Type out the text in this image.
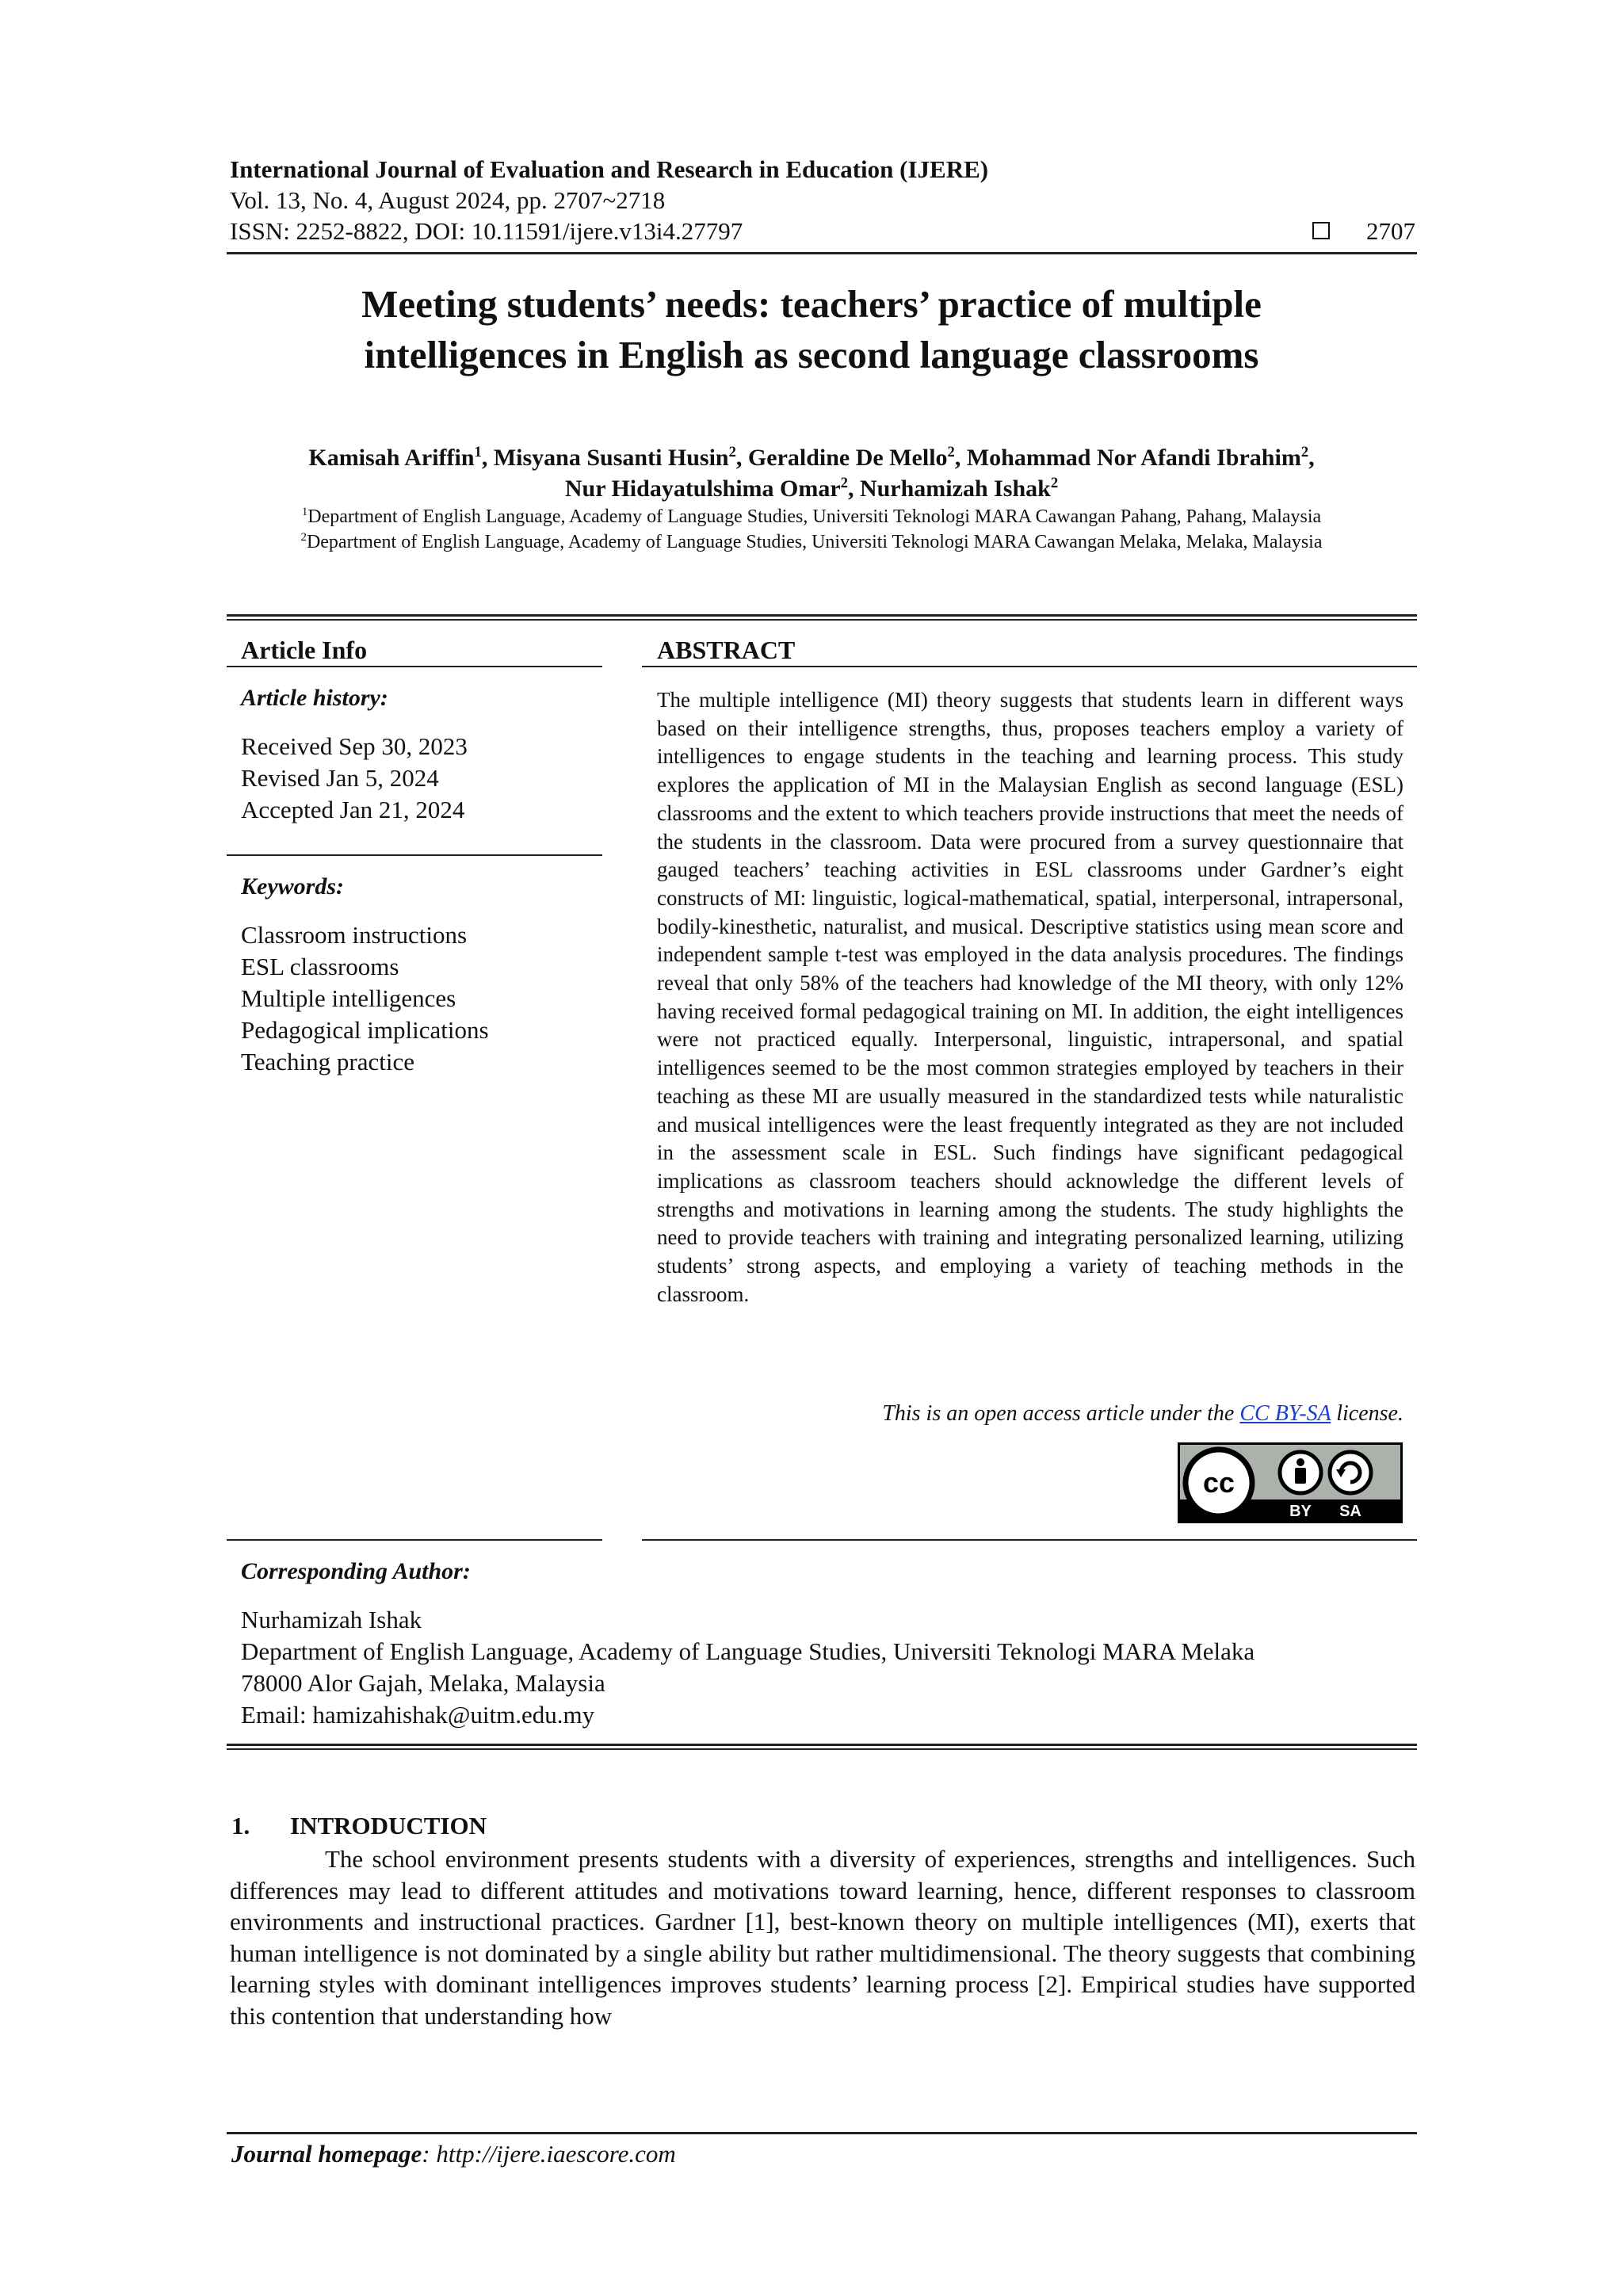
International Journal of Evaluation and Research in Education (IJERE)
Vol. 13, No. 4, August 2024, pp. 2707~2718
ISSN: 2252-8822, DOI: 10.11591/ijere.v13i4.27797	2707
Meeting students’ needs: teachers’ practice of multiple
intelligences in English as second language classrooms
Kamisah Ariffin$^1$, Misyana Susanti Husin$^2$, Geraldine De Mello$^2$, Mohammad Nor Afandi Ibrahim$^2$,
Nur Hidayatulshima Omar$^2$, Nurhamizah Ishak$^2$
$^1$Department of English Language, Academy of Language Studies, Universiti Teknologi MARA Cawangan Pahang, Pahang, Malaysia
$^2$Department of English Language, Academy of Language Studies, Universiti Teknologi MARA Cawangan Melaka, Melaka, Malaysia
Article Info
Article history:
Received Sep 30, 2023
Revised Jan 5, 2024
Accepted Jan 21, 2024
Keywords:
Classroom instructions
ESL classrooms
Multiple intelligences
Pedagogical implications
Teaching practice
ABSTRACT
The multiple intelligence (MI) theory suggests that students learn in different ways based on their intelligence strengths, thus, proposes teachers employ a variety of intelligences to engage students in the teaching and learning process. This study explores the application of MI in the Malaysian English as second language (ESL) classrooms and the extent to which teachers provide instructions that meet the needs of the students in the classroom. Data were procured from a survey questionnaire that gauged teachers’ teaching activities in ESL classrooms under Gardner’s eight constructs of MI: linguistic, logical-mathematical, spatial, interpersonal, intrapersonal, bodily-kinesthetic, naturalist, and musical. Descriptive statistics using mean score and independent sample t-test was employed in the data analysis procedures. The findings reveal that only 58% of the teachers had knowledge of the MI theory, with only 12% having received formal pedagogical training on MI. In addition, the eight intelligences were not practiced equally. Interpersonal, linguistic, intrapersonal, and spatial intelligences seemed to be the most common strategies employed by teachers in their teaching as these MI are usually measured in the standardized tests while naturalistic and musical intelligences were the least frequently integrated as they are not included in the assessment scale in ESL. Such findings have significant pedagogical implications as classroom teachers should acknowledge the different levels of strengths and motivations in learning among the students. The study highlights the need to provide teachers with training and integrating personalized learning, utilizing students’ strong aspects, and employing a variety of teaching methods in the classroom.
This is an open access article under the CC BY-SA license.
cc
BY SA
Corresponding Author:
Nurhamizah Ishak
Department of English Language, Academy of Language Studies, Universiti Teknologi MARA Melaka
78000 Alor Gajah, Melaka, Malaysia
Email: hamizahishak@uitm.edu.my
1. INTRODUCTION
The school environment presents students with a diversity of experiences, strengths and intelligences. Such differences may lead to different attitudes and motivations toward learning, hence, different responses to classroom environments and instructional practices. Gardner [1], best-known theory on multiple intelligences (MI), exerts that human intelligence is not dominated by a single ability but rather multidimensional. The theory suggests that combining learning styles with dominant intelligences improves students’ learning process [2]. Empirical studies have supported this contention that understanding how
Journal homepage: http://ijere.iaescore.com
